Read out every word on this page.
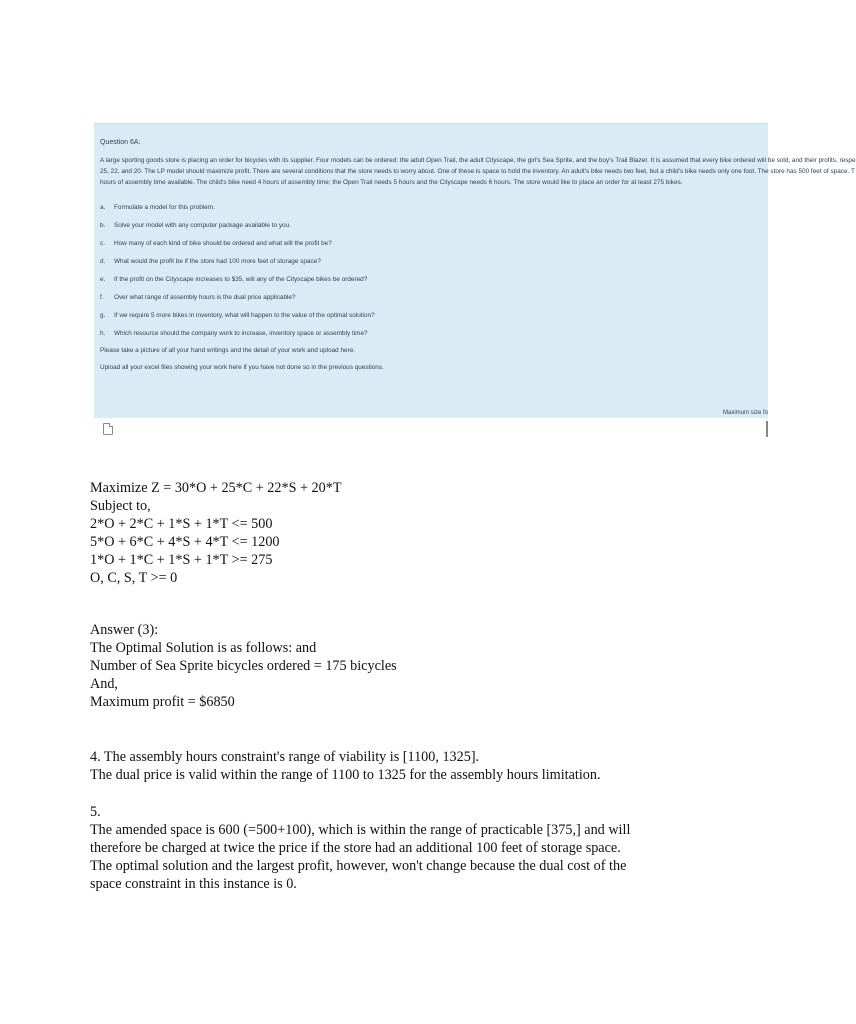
Question 6A:
A large sporting goods store is placing an order for bicycles with its supplier. Four models can be ordered: the adult Open Trail, the adult Cityscape, the girl's Sea Sprite, and the boy's Trail Blazer. It is assumed that every bike ordered will be sold, and their profits, respe
25, 22, and 20. The LP model should maximize profit. There are several conditions that the store needs to worry about. One of these is space to hold the inventory. An adult's bike needs two feet, but a child's bike needs only one foot. The store has 500 feet of space. T
hours of assembly time available. The child's bike need 4 hours of assembly time; the Open Trail needs 5 hours and the Cityscape needs 6 hours. The store would like to place an order for at least 275 bikes.
a. Formulate a model for this problem.
b. Solve your model with any computer package available to you.
c. How many of each kind of bike should be ordered and what will the profit be?
d. What would the profit be if the store had 100 more feet of storage space?
e. If the profit on the Cityscape increases to $35, will any of the Cityscape bikes be ordered?
f. Over what range of assembly hours is the dual price applicable?
g. If we require 5 more bikes in inventory, what will happen to the value of the optimal solution?
h. Which resource should the company work to increase, inventory space or assembly time?
Please take a picture of all your hand writings and the detail of your work and upload here.
Upload all your excel files showing your work here if you have not done so in the previous questions.
Maximum size fo
Maximize Z = 30*O + 25*C + 22*S + 20*T
Subject to,
2*O + 2*C + 1*S + 1*T <= 500
5*O + 6*C + 4*S + 4*T <= 1200
1*O + 1*C + 1*S + 1*T >= 275
O, C, S, T >= 0
Answer (3):
The Optimal Solution is as follows: and
Number of Sea Sprite bicycles ordered = 175 bicycles
And,
Maximum profit = $6850
4. The assembly hours constraint's range of viability is [1100, 1325].
The dual price is valid within the range of 1100 to 1325 for the assembly hours limitation.
5.
The amended space is 600 (=500+100), which is within the range of practicable [375,] and will
therefore be charged at twice the price if the store had an additional 100 feet of storage space.
The optimal solution and the largest profit, however, won't change because the dual cost of the
space constraint in this instance is 0.
